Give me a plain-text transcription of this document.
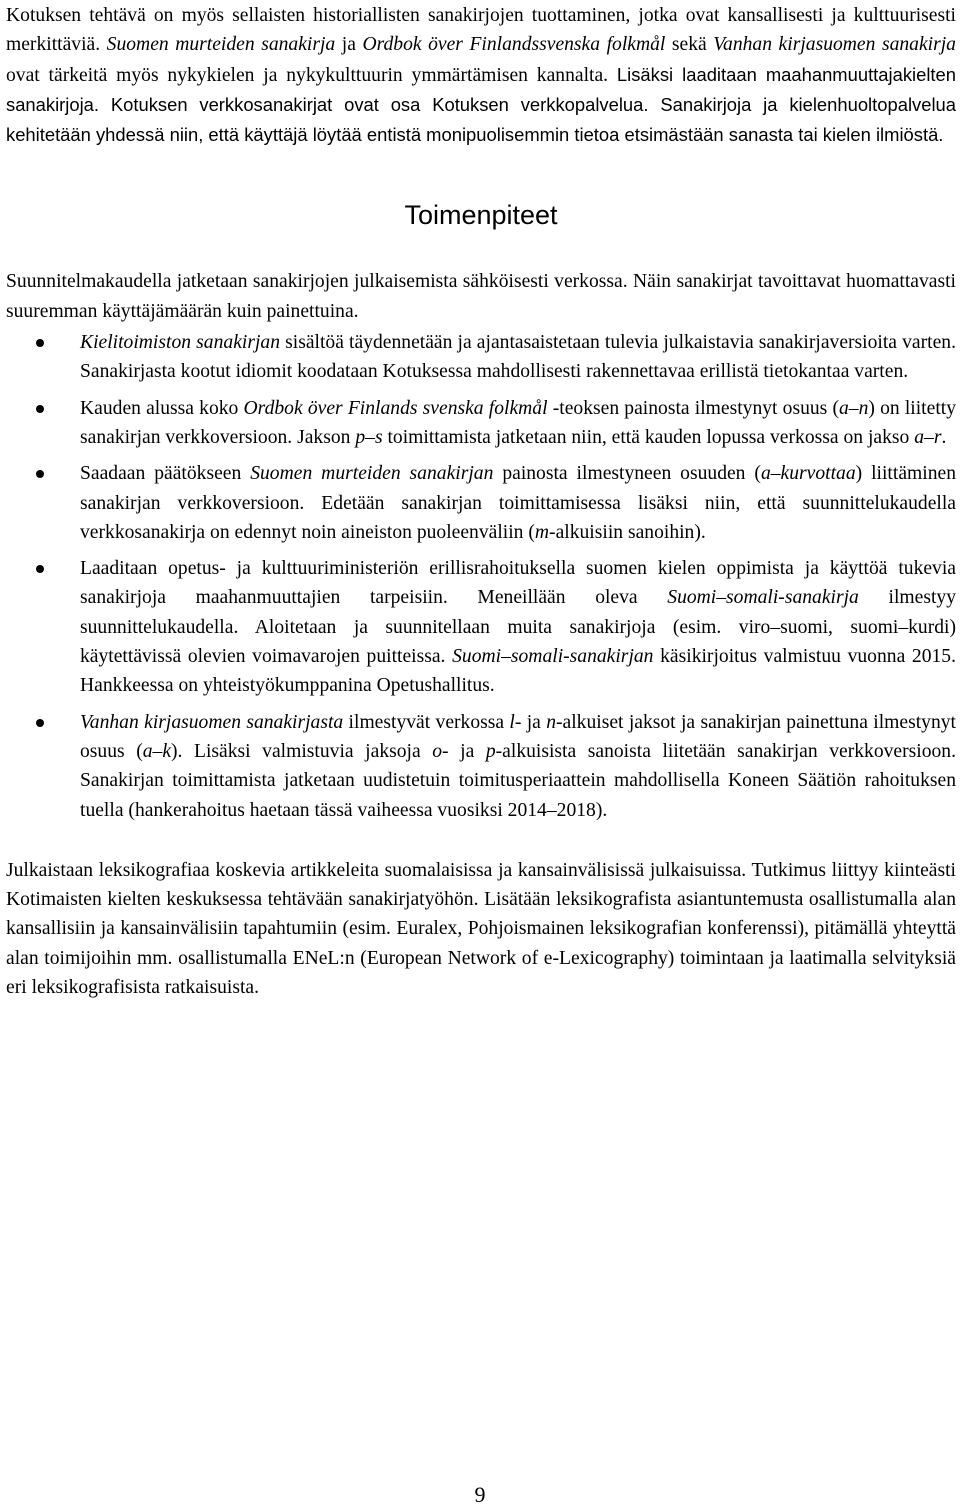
Kotuksen tehtävä on myös sellaisten historiallisten sanakirjojen tuottaminen, jotka ovat kansallisesti ja kulttuurisesti merkittäviä. Suomen murteiden sanakirja ja Ordbok över Finlandssvenska folkmål sekä Vanhan kirjasuomen sanakirja ovat tärkeitä myös nykykielen ja nykykulttuurin ymmärtämisen kannalta. Lisäksi laaditaan maahanmuuttajakielten sanakirjoja. Kotuksen verkkosanakirjat ovat osa Kotuksen verkkopalvelua. Sanakirjoja ja kielenhuoltopalvelua kehitetään yhdessä niin, että käyttäjä löytää entistä monipuolisemmin tietoa etsimästään sanasta tai kielen ilmiöstä.

Toimenpiteet

Suunnitelmakaudella jatketaan sanakirjojen julkaisemista sähköisesti verkossa. Näin sanakirjat tavoittavat huomattavasti suuremman käyttäjämäärän kuin painettuina.

Kielitoimiston sanakirjan sisältöä täydennetään ja ajantasaistetaan tulevia julkaistavia sanakirjaversioita varten. Sanakirjasta kootut idiomit koodataan Kotuksessa mahdollisesti rakennettavaa erillistä tietokantaa varten.
Kauden alussa koko Ordbok över Finlands svenska folkmål -teoksen painosta ilmestynyt osuus (a–n) on liitetty sanakirjan verkkoversioon. Jakson p–s toimittamista jatketaan niin, että kauden lopussa verkossa on jakso a–r.
Saadaan päätökseen Suomen murteiden sanakirjan painosta ilmestyneen osuuden (a–kurvottaa) liittäminen sanakirjan verkkoversioon. Edetään sanakirjan toimittamisessa lisäksi niin, että suunnittelukaudella verkkosanakirja on edennyt noin aineiston puoleenväliin (m-alkuisiin sanoihin).
Laaditaan opetus- ja kulttuuriministeriön erillisrahoituksella suomen kielen oppimista ja käyttöä tukevia sanakirjoja maahanmuuttajien tarpeisiin. Meneillään oleva Suomi–somali-sanakirja ilmestyy suunnittelukaudella. Aloitetaan ja suunnitellaan muita sanakirjoja (esim. viro–suomi, suomi–kurdi) käytettävissä olevien voimavarojen puitteissa. Suomi–somali-sanakirjan käsikirjoitus valmistuu vuonna 2015. Hankkeessa on yhteistyökumppanina Opetushallitus.
Vanhan kirjasuomen sanakirjasta ilmestyvät verkossa l- ja n-alkuiset jaksot ja sanakirjan painettuna ilmestynyt osuus (a–k). Lisäksi valmistuvia jaksoja o- ja p-alkuisista sanoista liitetään sanakirjan verkkoversioon. Sanakirjan toimittamista jatketaan uudistetuin toimitusperiaattein mahdollisella Koneen Säätiön rahoituksen tuella (hankerahoitus haetaan tässä vaiheessa vuosiksi 2014–2018).

Julkaistaan leksikografiaa koskevia artikkeleita suomalaisissa ja kansainvälisissä julkaisuissa. Tutkimus liittyy kiinteästi Kotimaisten kielten keskuksessa tehtävään sanakirjatyöhön. Lisätään leksikografista asiantuntemusta osallistumalla alan kansallisiin ja kansainvälisiin tapahtumiin (esim. Euralex, Pohjoismainen leksikografian konferenssi), pitämällä yhteyttä alan toimijoihin mm. osallistumalla ENeL:n (European Network of e-Lexicography) toimintaan ja laatimalla selvityksiä eri leksikografisista ratkaisuista.

9
